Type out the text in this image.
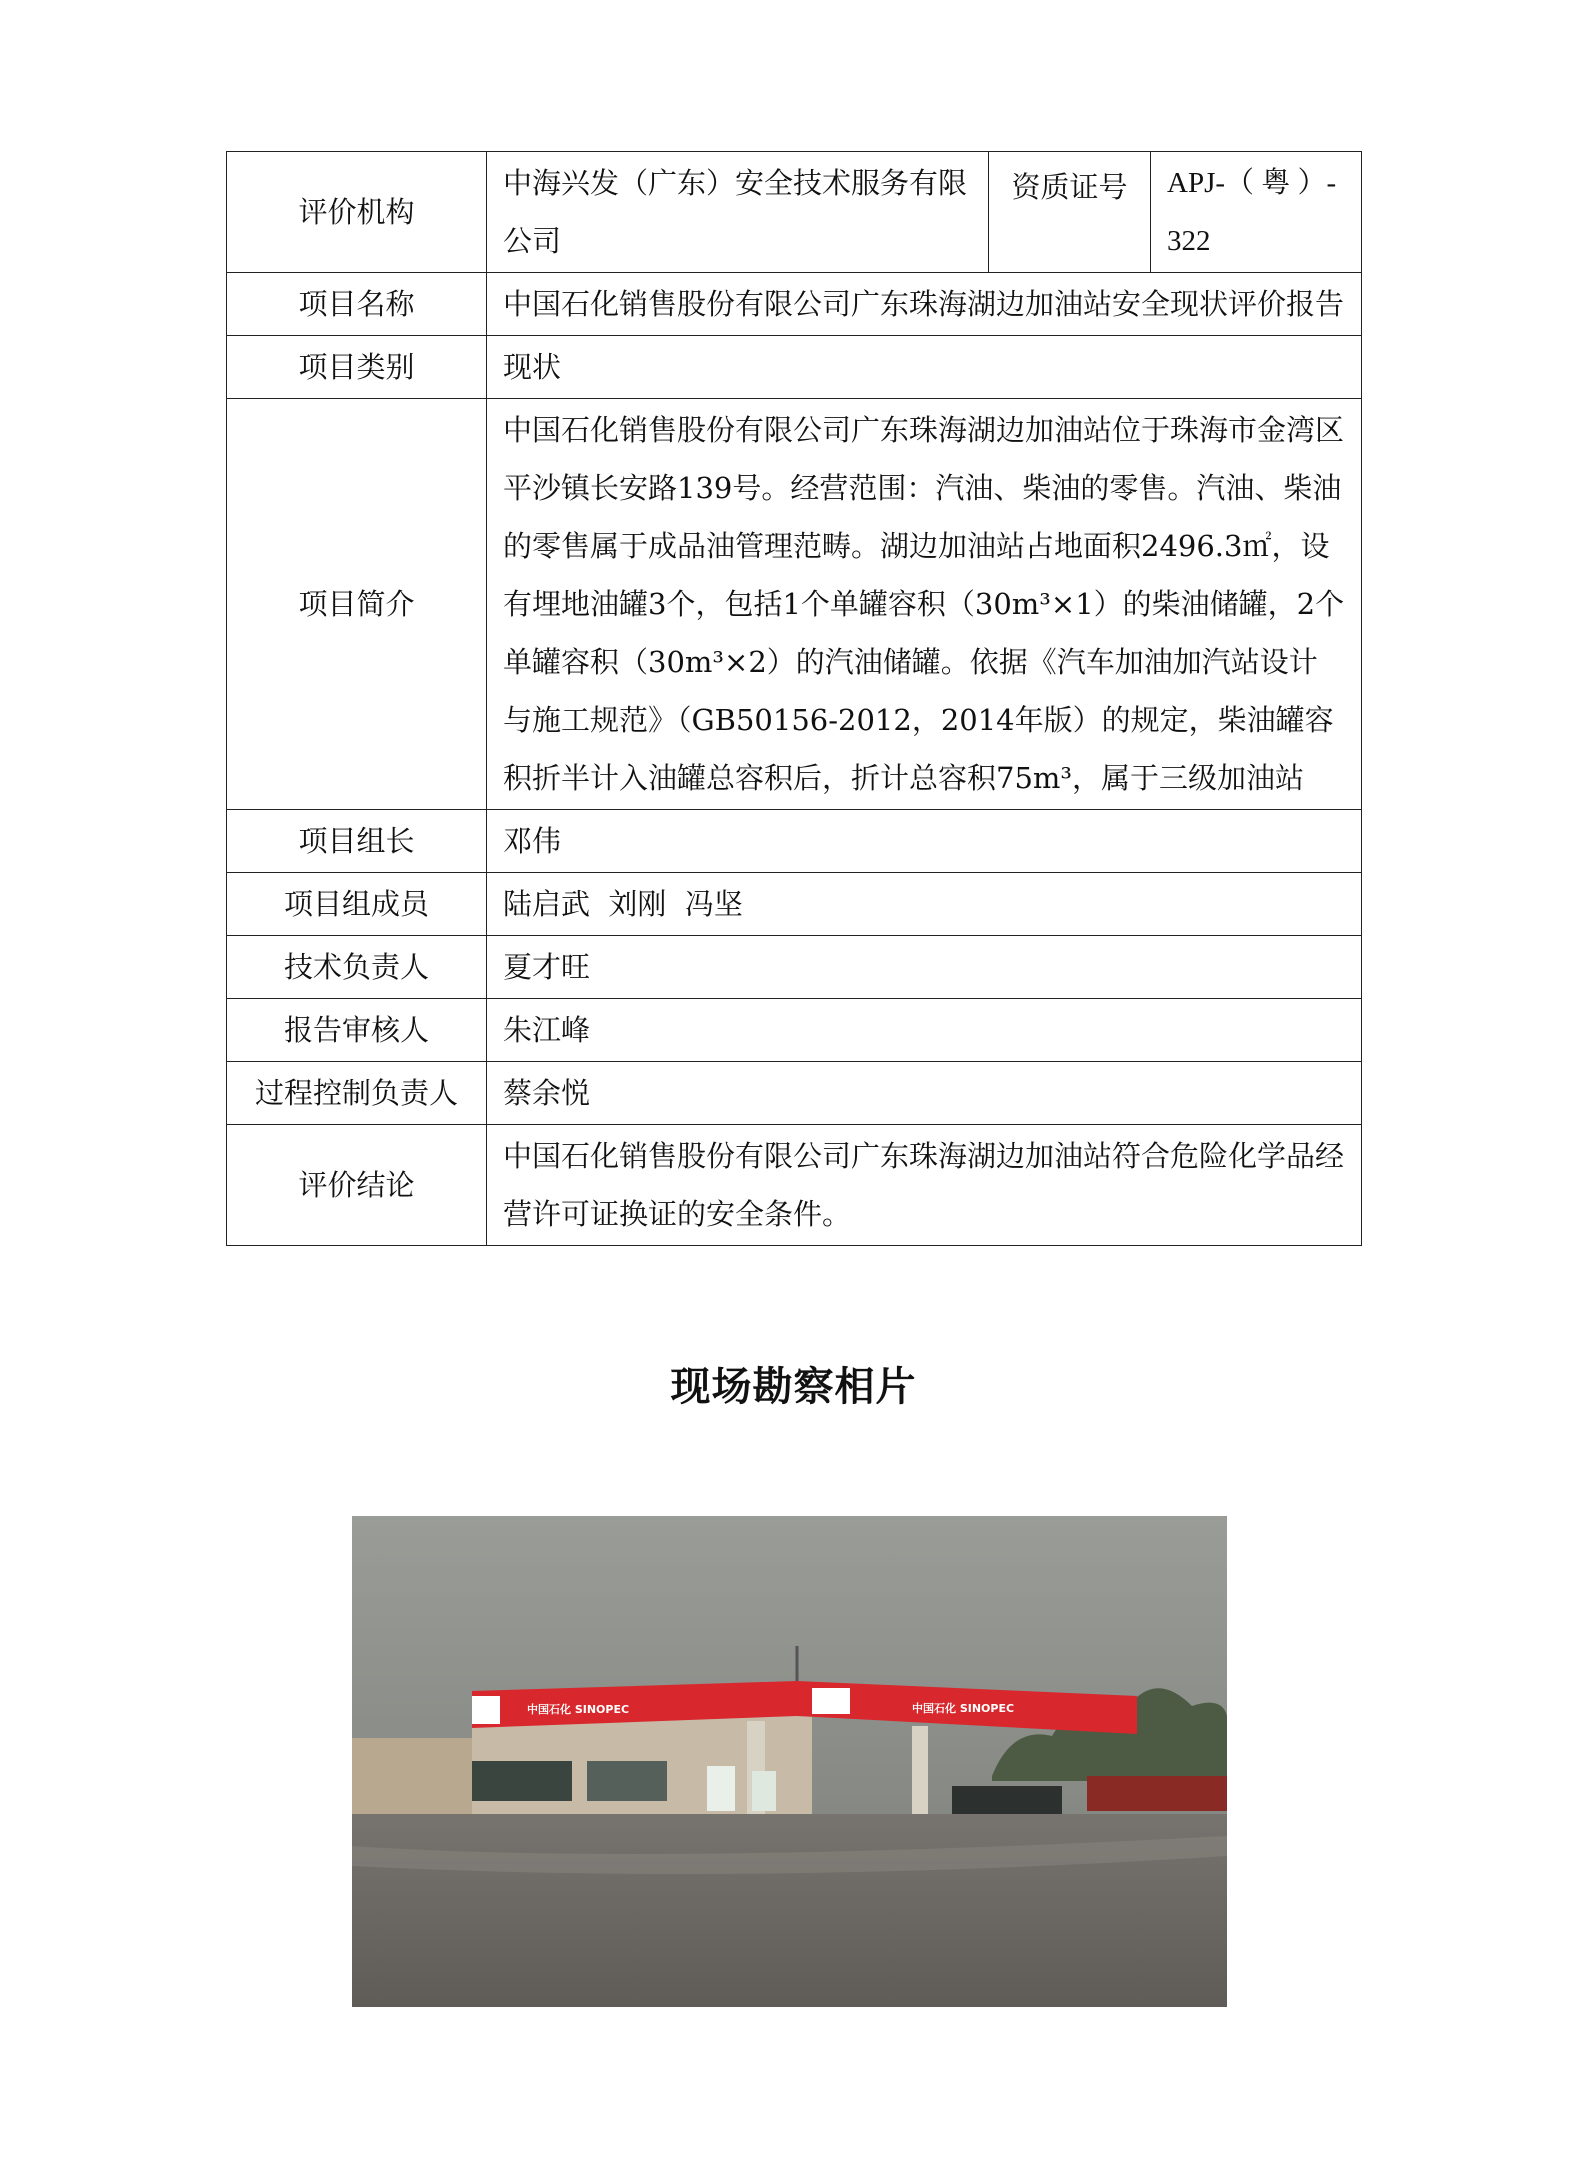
评价机构	中海兴发（广东）安全技术服务有限公司	资质证号	APJ-（ 粤 ）-322
项目名称	中国石化销售股份有限公司广东珠海湖边加油站安全现状评价报告		
项目类别	现状		
项目简介	中国石化销售股份有限公司广东珠海湖边加油站位于珠海市金湾区平沙镇长安路139号。经营范围：汽油、柴油的零售。汽油、柴油的零售属于成品油管理范畴。湖边加油站占地面积2496.3㎡，设有埋地油罐3个，包括1个单罐容积（30m³×1）的柴油储罐，2个单罐容积（30m³×2）的汽油储罐。依据《汽车加油加汽站设计与施工规范》（GB50156-2012，2014年版）的规定，柴油罐容积折半计入油罐总容积后，折计总容积75m³，属于三级加油站		
项目组长	邓伟		
项目组成员	陆启武  刘刚  冯坚		
技术负责人	夏才旺		
报告审核人	朱江峰		
过程控制负责人	蔡余悦		
评价结论	中国石化销售股份有限公司广东珠海湖边加油站符合危险化学品经营许可证换证的安全条件。		
现场勘察相片
中国石化 SINOPEC	中国石化 SINOPEC
